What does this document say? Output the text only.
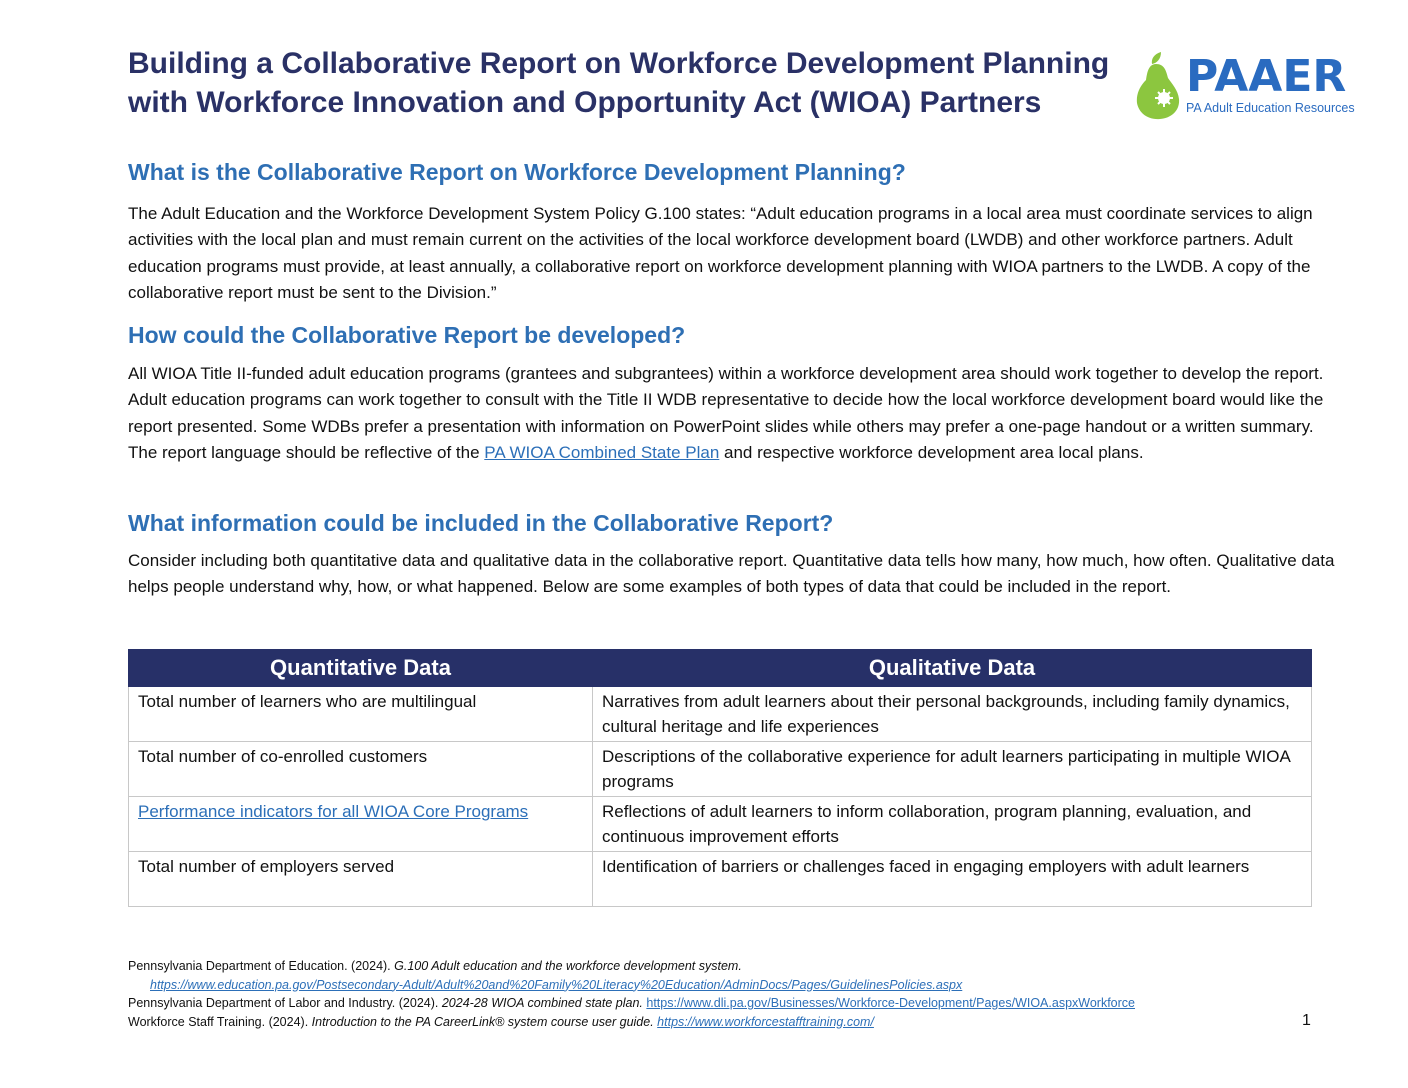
Building a Collaborative Report on Workforce Development Planning
with Workforce Innovation and Opportunity Act (WIOA) Partners
PAAER
PA Adult Education Resources
What is the Collaborative Report on Workforce Development Planning?

The Adult Education and the Workforce Development System Policy G.100 states: “Adult education programs in a local area must coordinate services to align activities with the local plan and must remain current on the activities of the local workforce development board (LWDB) and other workforce partners. Adult education programs must provide, at least annually, a collaborative report on workforce development planning with WIOA partners to the LWDB. A copy of the collaborative report must be sent to the Division.”

How could the Collaborative Report be developed?

All WIOA Title II-funded adult education programs (grantees and subgrantees) within a workforce development area should work together to develop the report. Adult education programs can work together to consult with the Title II WDB representative to decide how the local workforce development board would like the report presented. Some WDBs prefer a presentation with information on PowerPoint slides while others may prefer a one-page handout or a written summary. The report language should be reflective of the PA WIOA Combined State Plan and respective workforce development area local plans.

What information could be included in the Collaborative Report?

Consider including both quantitative data and qualitative data in the collaborative report. Quantitative data tells how many, how much, how often. Qualitative data helps people understand why, how, or what happened. Below are some examples of both types of data that could be included in the report.

Quantitative Data	Qualitative Data
Total number of learners who are multilingual	Narratives from adult learners about their personal backgrounds, including family dynamics, cultural heritage and life experiences
Total number of co-enrolled customers	Descriptions of the collaborative experience for adult learners participating in multiple WIOA programs
Performance indicators for all WIOA Core Programs	Reflections of adult learners to inform collaboration, program planning, evaluation, and continuous improvement efforts
Total number of employers served	Identification of barriers or challenges faced in engaging employers with adult learners
Pennsylvania Department of Education. (2024). G.100 Adult education and the workforce development system.
https://www.education.pa.gov/Postsecondary-Adult/Adult%20and%20Family%20Literacy%20Education/AdminDocs/Pages/GuidelinesPolicies.aspx
Pennsylvania Department of Labor and Industry. (2024). 2024-28 WIOA combined state plan. https://www.dli.pa.gov/Businesses/Workforce-Development/Pages/WIOA.aspxWorkforce
Workforce Staff Training. (2024). Introduction to the PA CareerLink® system course user guide. https://www.workforcestafftraining.com/	1
